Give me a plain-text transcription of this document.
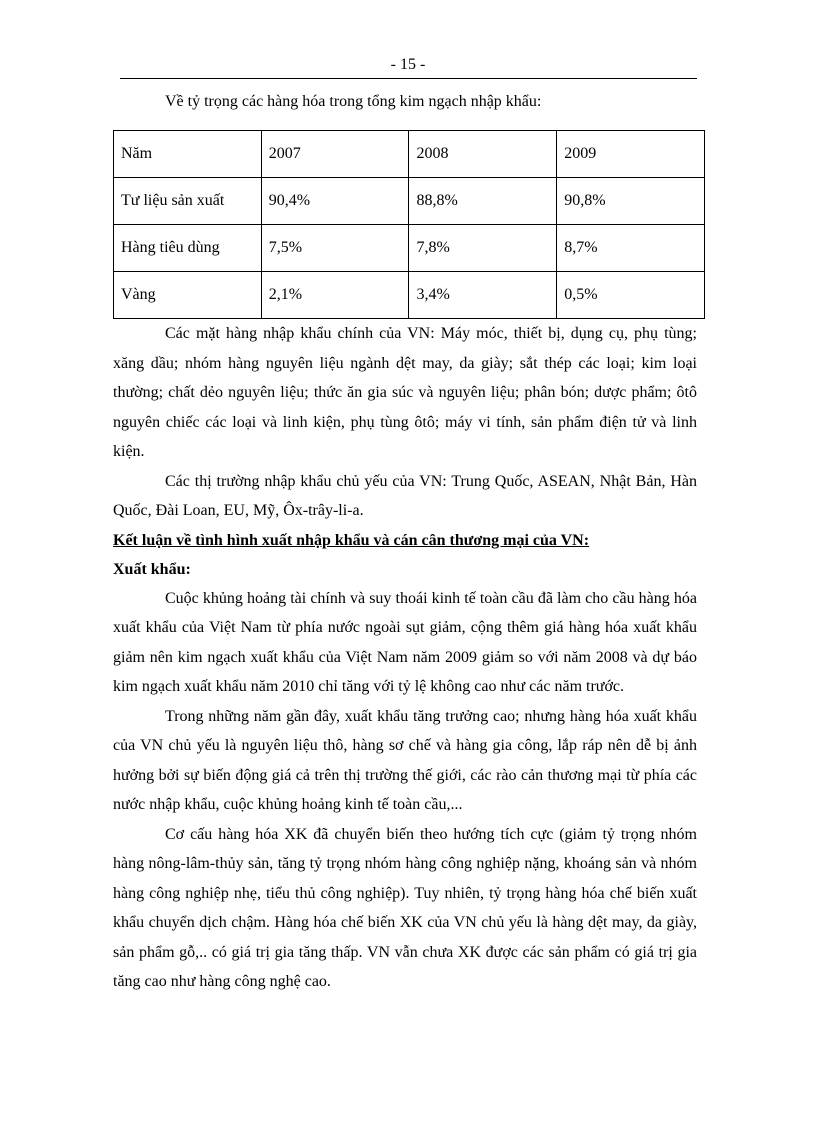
- 15 -

Về tỷ trọng các hàng hóa trong tổng kim ngạch nhập khẩu:

Năm	2007	2008	2009
Tư liệu sản xuất	90,4%	88,8%	90,8%
Hàng tiêu dùng	7,5%	7,8%	8,7%
Vàng	2,1%	3,4%	0,5%

Các mặt hàng nhập khẩu chính của VN: Máy móc, thiết bị, dụng cụ, phụ tùng; xăng dầu; nhóm hàng nguyên liệu ngành dệt may, da giày; sắt thép các loại; kim loại thường; chất dẻo nguyên liệu; thức ăn gia súc và nguyên liệu; phân bón; dược phẩm; ôtô nguyên chiếc các loại và linh kiện, phụ tùng ôtô; máy vi tính, sản phẩm điện tử và linh kiện.

Các thị trường nhập khẩu chủ yếu của VN: Trung Quốc, ASEAN, Nhật Bản, Hàn Quốc, Đài Loan, EU, Mỹ, Ôx-trây-li-a.

Kết luận về tình hình xuất nhập khẩu và cán cân thương mại của VN:

Xuất khẩu:

Cuộc khủng hoảng tài chính và suy thoái kinh tế toàn cầu đã làm cho cầu hàng hóa xuất khẩu của Việt Nam từ phía nước ngoài sụt giảm, cộng thêm giá hàng hóa xuất khẩu giảm nên kim ngạch xuất khẩu của Việt Nam năm 2009 giảm so với năm 2008 và dự báo kim ngạch xuất khẩu năm 2010 chỉ tăng với tỷ lệ không cao như các năm trước.

Trong những năm gần đây, xuất khẩu tăng trưởng cao; nhưng hàng hóa xuất khẩu của VN chủ yếu là nguyên liệu thô, hàng sơ chế và hàng gia công, lắp ráp nên dễ bị ảnh hưởng bởi sự biến động giá cả trên thị trường thế giới, các rào cản thương mại từ phía các nước nhập khẩu, cuộc khủng hoảng kinh tế toàn cầu,...

Cơ cấu hàng hóa XK đã chuyển biến theo hướng tích cực (giảm tỷ trọng nhóm hàng nông-lâm-thủy sản, tăng tỷ trọng nhóm hàng công nghiệp nặng, khoáng sản và nhóm hàng công nghiệp nhẹ, tiểu thủ công nghiệp). Tuy nhiên, tỷ trọng hàng hóa chế biến xuất khẩu chuyển dịch chậm. Hàng hóa chế biến XK của VN chủ yếu là hàng dệt may, da giày, sản phẩm gỗ,.. có giá trị gia tăng thấp. VN vẫn chưa XK được các sản phẩm có giá trị gia tăng cao như hàng công nghệ cao.
